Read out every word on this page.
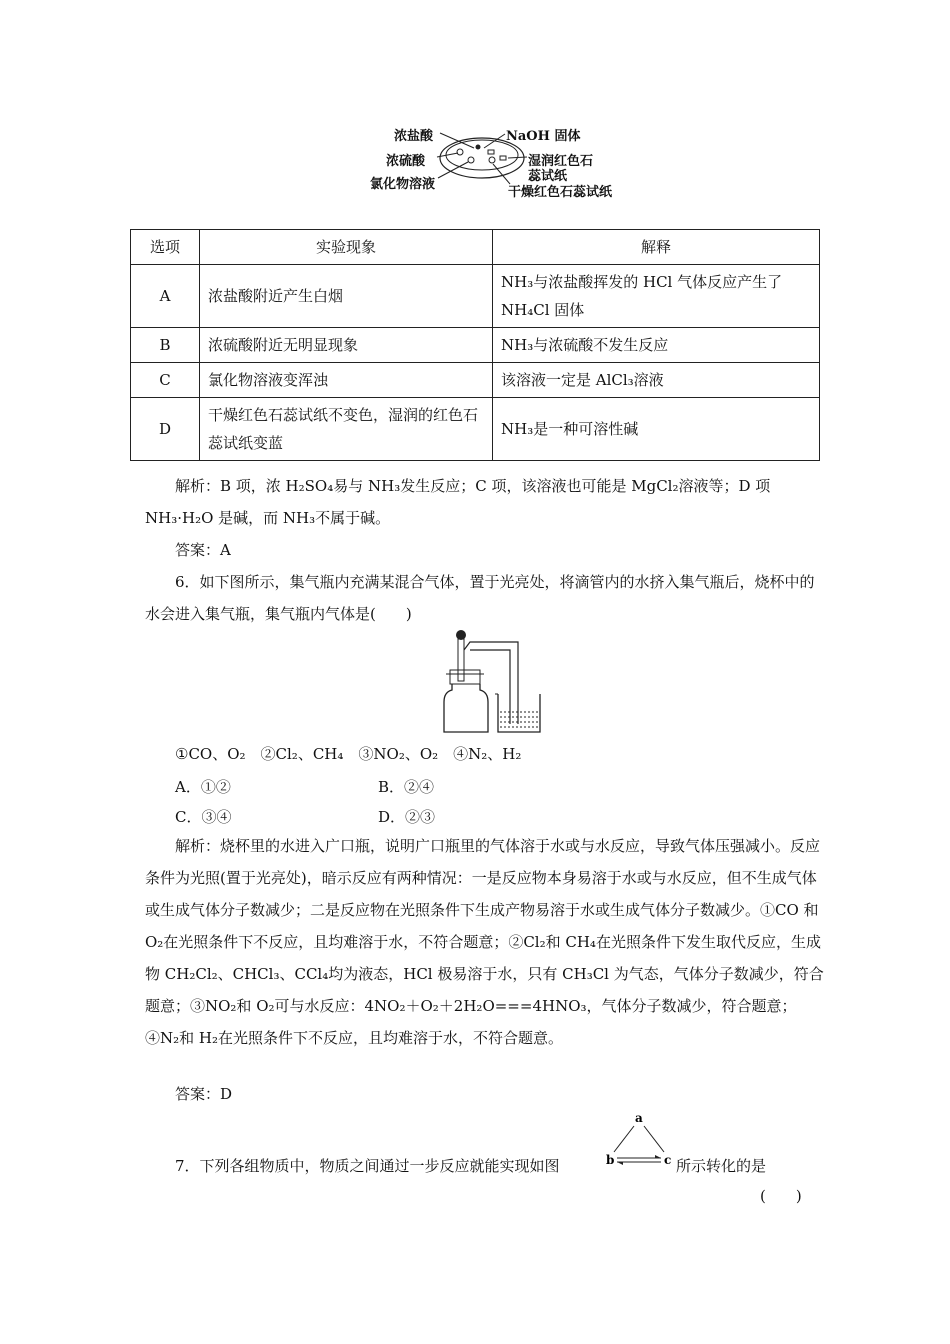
浓盐酸
浓硫酸
氯化物溶液
NaOH 固体
湿润红色石
蕊试纸
干燥红色石蕊试纸
选项	实验现象	解释
A	浓盐酸附近产生白烟	NH₃与浓盐酸挥发的 HCl 气体反应产生了NH₄Cl 固体
B	浓硫酸附近无明显现象	NH₃与浓硫酸不发生反应
C	氯化物溶液变浑浊	该溶液一定是 AlCl₃溶液
D	干燥红色石蕊试纸不变色，湿润的红色石蕊试纸变蓝	NH₃是一种可溶性碱
解析：B 项，浓 H₂SO₄易与 NH₃发生反应；C 项，该溶液也可能是 MgCl₂溶液等；D 项 NH₃·H₂O 是碱，而 NH₃不属于碱。
答案：A
6．如下图所示，集气瓶内充满某混合气体，置于光亮处，将滴管内的水挤入集气瓶后，烧杯中的水会进入集气瓶，集气瓶内气体是(　　)
①CO、O₂　②Cl₂、CH₄　③NO₂、O₂　④N₂、H₂
A．①②	B．②④
C．③④	D．②③
解析：烧杯里的水进入广口瓶，说明广口瓶里的气体溶于水或与水反应，导致气体压强减小。反应条件为光照(置于光亮处)，暗示反应有两种情况：一是反应物本身易溶于水或与水反应，但不生成气体或生成气体分子数减少；二是反应物在光照条件下生成产物易溶于水或生成气体分子数减少。①CO 和 O₂在光照条件下不反应，且均难溶于水，不符合题意；②Cl₂和 CH₄在光照条件下发生取代反应，生成物 CH₂Cl₂、CHCl₃、CCl₄均为液态，HCl 极易溶于水，只有 CH₃Cl 为气态，气体分子数减少，符合题意；③NO₂和 O₂可与水反应：4NO₂＋O₂＋2H₂O===4HNO₃，气体分子数减少，符合题意；④N₂和 H₂在光照条件下不反应，且均难溶于水，不符合题意。
答案：D
7．下列各组物质中，物质之间通过一步反应就能实现如图
a
b	c 所示转化的是
(　　)
